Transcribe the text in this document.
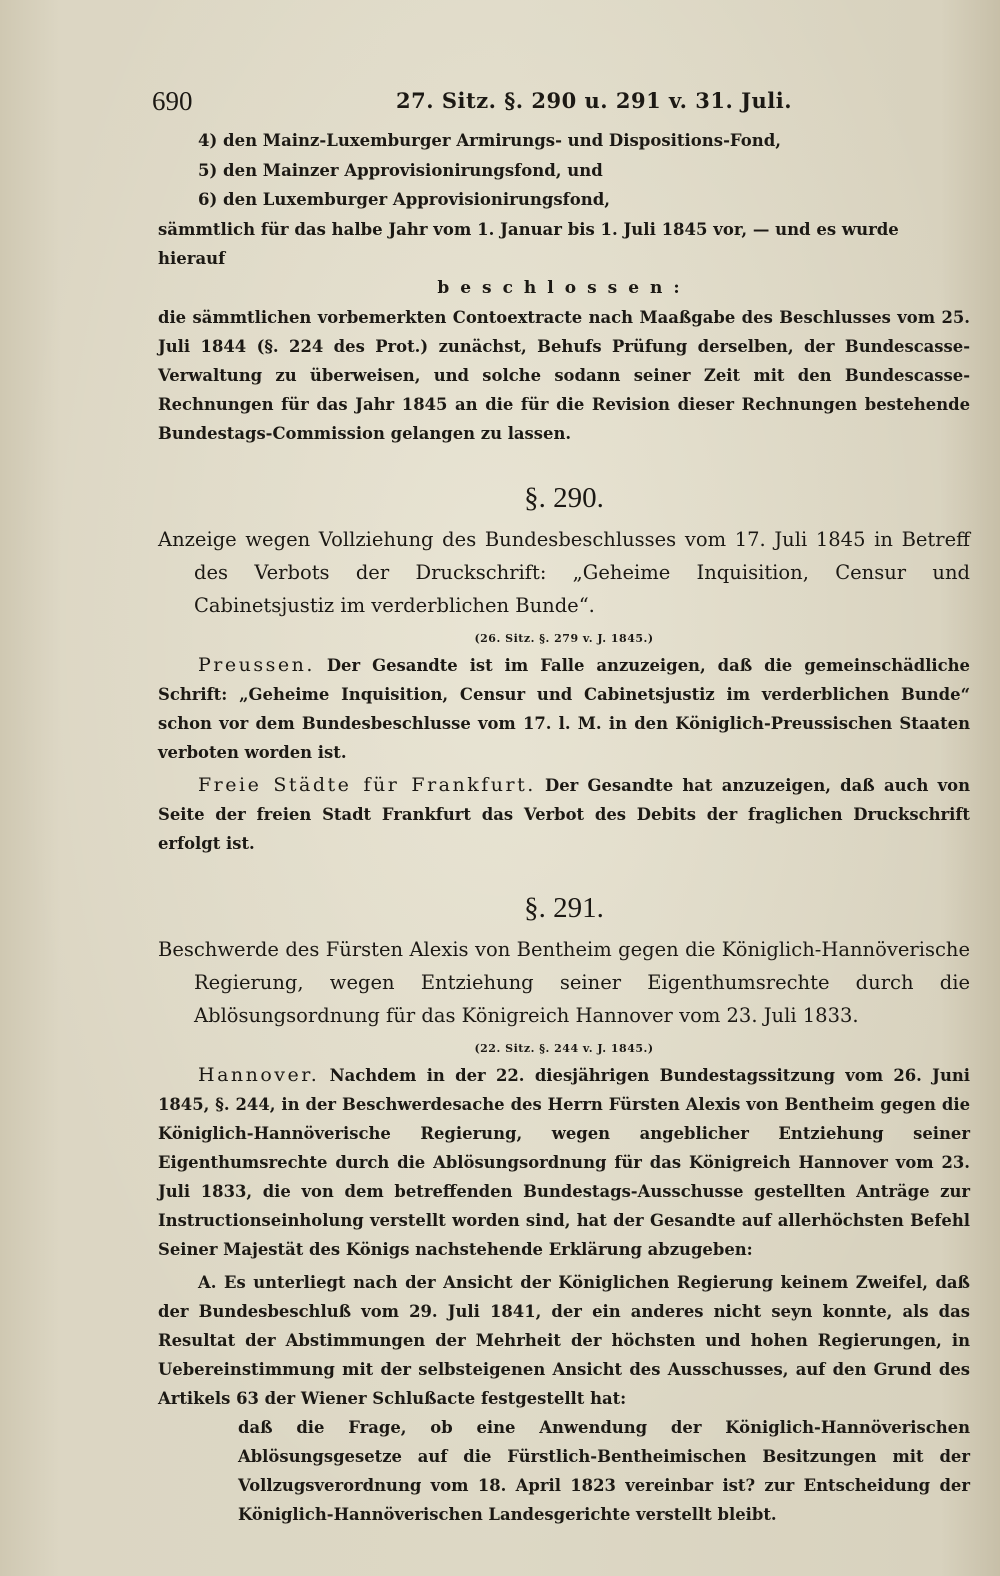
690	27. Sitz. §. 290 u. 291 v. 31. Juli.

4) den Mainz-Luxemburger Armirungs- und Dispositions-Fond,

5) den Mainzer Approvisionirungsfond, und

6) den Luxemburger Approvisionirungsfond,

sämmtlich für das halbe Jahr vom 1. Januar bis 1. Juli 1845 vor, — und es wurde hierauf

beschlossen:

die sämmtlichen vorbemerkten Contoextracte nach Maaßgabe des Beschlusses vom 25. Juli 1844 (§. 224 des Prot.) zunächst, Behufs Prüfung derselben, der Bundescasse-Verwaltung zu überweisen, und solche sodann seiner Zeit mit den Bundescasse-Rechnungen für das Jahr 1845 an die für die Revision dieser Rechnungen bestehende Bundestags-Commission gelangen zu lassen.

§. 290.

Anzeige wegen Vollziehung des Bundesbeschlusses vom 17. Juli 1845 in Betreff des Verbots der Druckschrift: „Geheime Inquisition, Censur und Cabinetsjustiz im verderblichen Bunde“.

(26. Sitz. §. 279 v. J. 1845.)

Preussen. Der Gesandte ist im Falle anzuzeigen, daß die gemeinschädliche Schrift: „Geheime Inquisition, Censur und Cabinetsjustiz im verderblichen Bunde“ schon vor dem Bundesbeschlusse vom 17. l. M. in den Königlich-Preussischen Staaten verboten worden ist.

Freie Städte für Frankfurt. Der Gesandte hat anzuzeigen, daß auch von Seite der freien Stadt Frankfurt das Verbot des Debits der fraglichen Druckschrift erfolgt ist.

§. 291.

Beschwerde des Fürsten Alexis von Bentheim gegen die Königlich-Hannöverische Regierung, wegen Entziehung seiner Eigenthumsrechte durch die Ablösungsordnung für das Königreich Hannover vom 23. Juli 1833.

(22. Sitz. §. 244 v. J. 1845.)

Hannover. Nachdem in der 22. diesjährigen Bundestagssitzung vom 26. Juni 1845, §. 244, in der Beschwerdesache des Herrn Fürsten Alexis von Bentheim gegen die Königlich-Hannöverische Regierung, wegen angeblicher Entziehung seiner Eigenthumsrechte durch die Ablösungsordnung für das Königreich Hannover vom 23. Juli 1833, die von dem betreffenden Bundestags-Ausschusse gestellten Anträge zur Instructionseinholung verstellt worden sind, hat der Gesandte auf allerhöchsten Befehl Seiner Majestät des Königs nachstehende Erklärung abzugeben:

A. Es unterliegt nach der Ansicht der Königlichen Regierung keinem Zweifel, daß der Bundesbeschluß vom 29. Juli 1841, der ein anderes nicht seyn konnte, als das Resultat der Abstimmungen der Mehrheit der höchsten und hohen Regierungen, in Uebereinstimmung mit der selbsteigenen Ansicht des Ausschusses, auf den Grund des Artikels 63 der Wiener Schlußacte festgestellt hat:

daß die Frage, ob eine Anwendung der Königlich-Hannöverischen Ablösungsgesetze auf die Fürstlich-Bentheimischen Besitzungen mit der Vollzugsverordnung vom 18. April 1823 vereinbar ist? zur Entscheidung der Königlich-Hannöverischen Landesgerichte verstellt bleibt.
